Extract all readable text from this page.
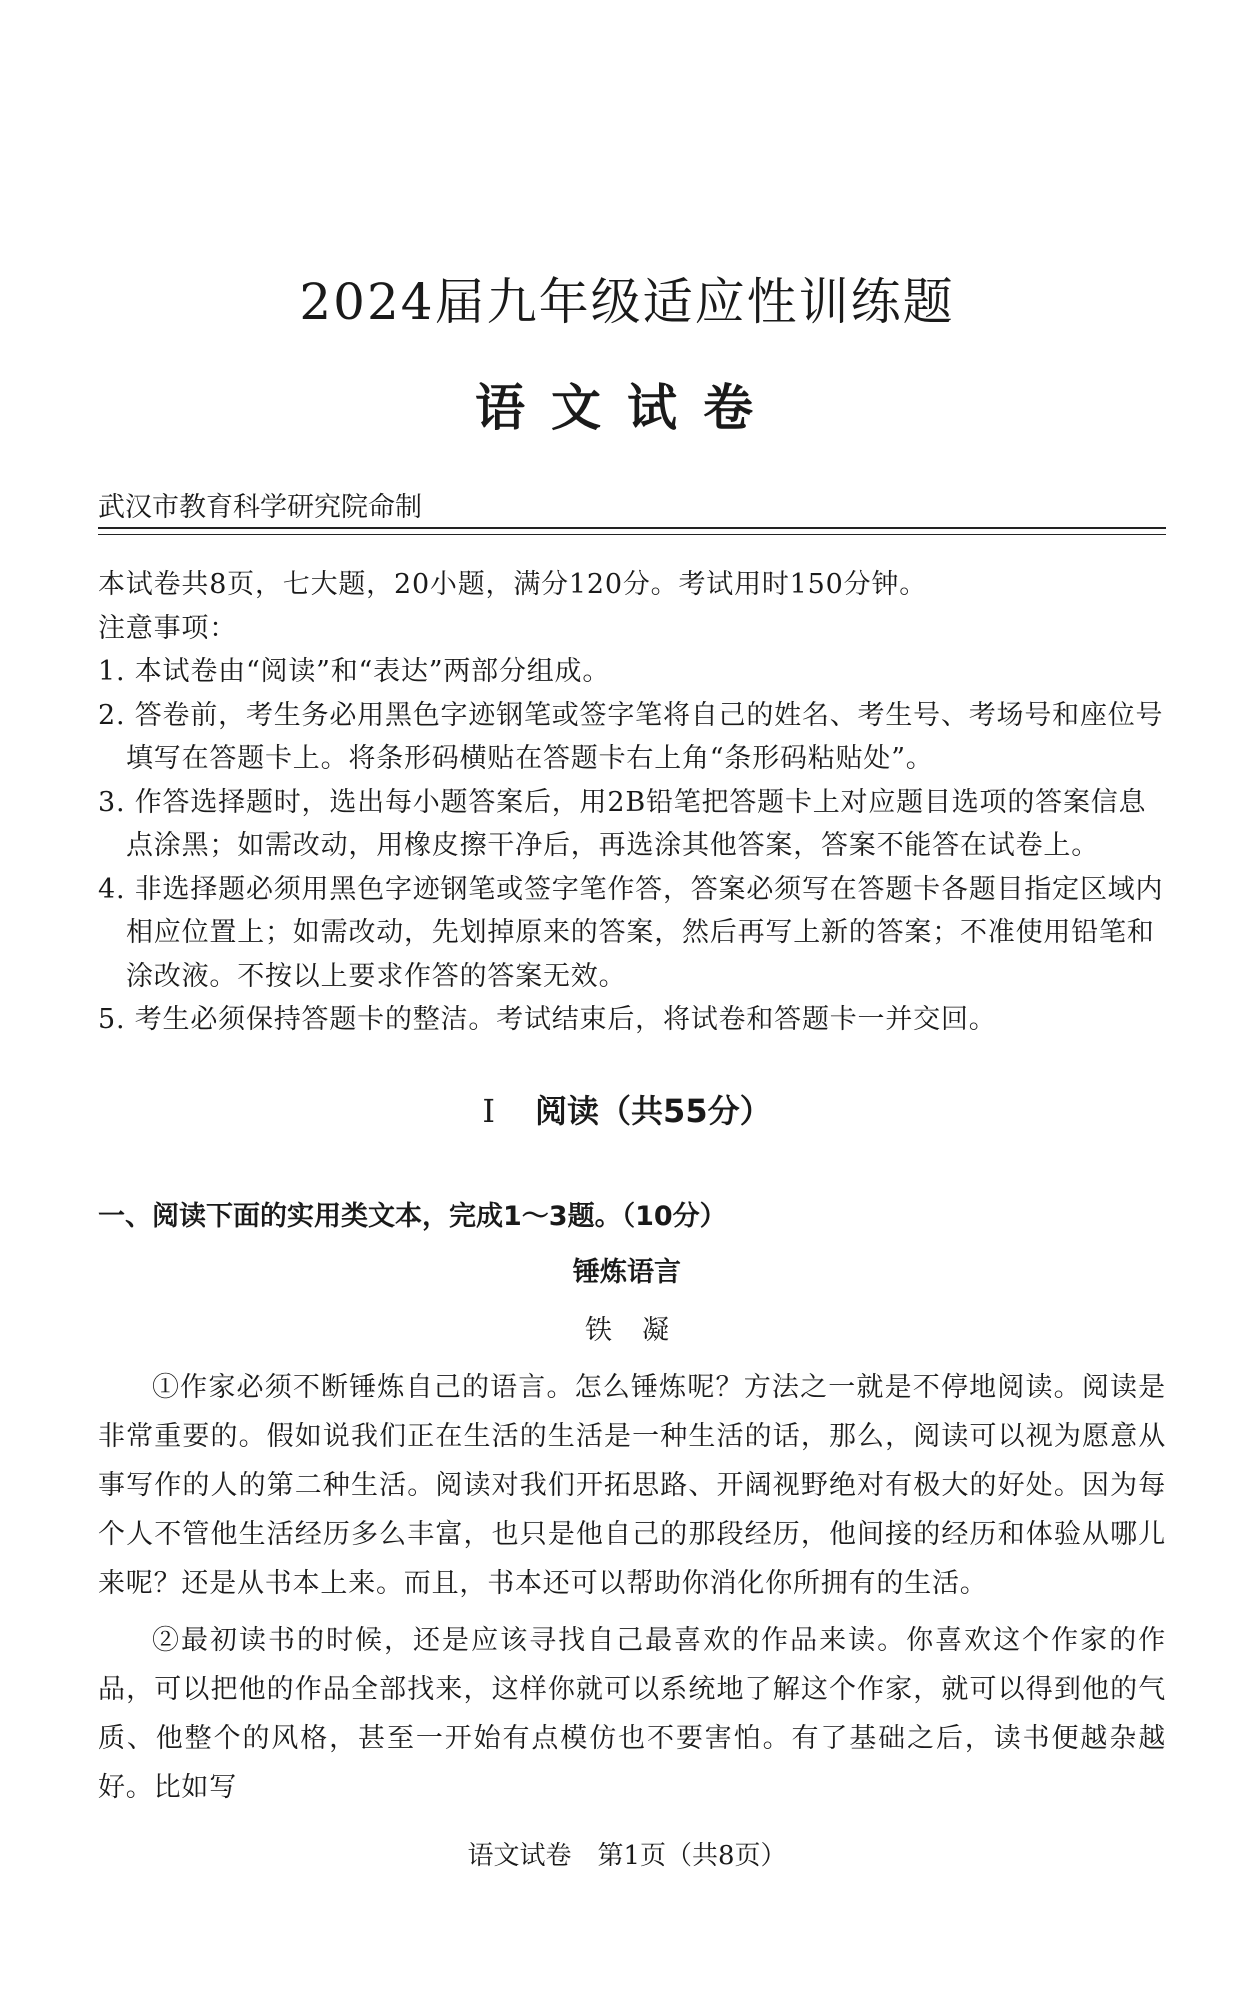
2024届九年级适应性训练题
语文试卷
武汉市教育科学研究院命制

本试卷共8页，七大题，20小题，满分120分。考试用时150分钟。

注意事项：

1. 本试卷由“阅读”和“表达”两部分组成。

2. 答卷前，考生务必用黑色字迹钢笔或签字笔将自己的姓名、考生号、考场号和座位号填写在答题卡上。将条形码横贴在答题卡右上角“条形码粘贴处”。

3. 作答选择题时，选出每小题答案后，用2B铅笔把答题卡上对应题目选项的答案信息点涂黑；如需改动，用橡皮擦干净后，再选涂其他答案，答案不能答在试卷上。

4. 非选择题必须用黑色字迹钢笔或签字笔作答，答案必须写在答题卡各题目指定区域内相应位置上；如需改动，先划掉原来的答案，然后再写上新的答案；不准使用铅笔和涂改液。不按以上要求作答的答案无效。

5. 考生必须保持答题卡的整洁。考试结束后，将试卷和答题卡一并交回。

Ⅰ 阅读（共55分）
一、阅读下面的实用类文本，完成1～3题。（10分）
锤炼语言
铁凝

①作家必须不断锤炼自己的语言。怎么锤炼呢？方法之一就是不停地阅读。阅读是非常重要的。假如说我们正在生活的生活是一种生活的话，那么，阅读可以视为愿意从事写作的人的第二种生活。阅读对我们开拓思路、开阔视野绝对有极大的好处。因为每个人不管他生活经历多么丰富，也只是他自己的那段经历，他间接的经历和体验从哪儿来呢？还是从书本上来。而且，书本还可以帮助你消化你所拥有的生活。

②最初读书的时候，还是应该寻找自己最喜欢的作品来读。你喜欢这个作家的作品，可以把他的作品全部找来，这样你就可以系统地了解这个作家，就可以得到他的气质、他整个的风格，甚至一开始有点模仿也不要害怕。有了基础之后，读书便越杂越好。比如写

语文试卷　第1页（共8页）
